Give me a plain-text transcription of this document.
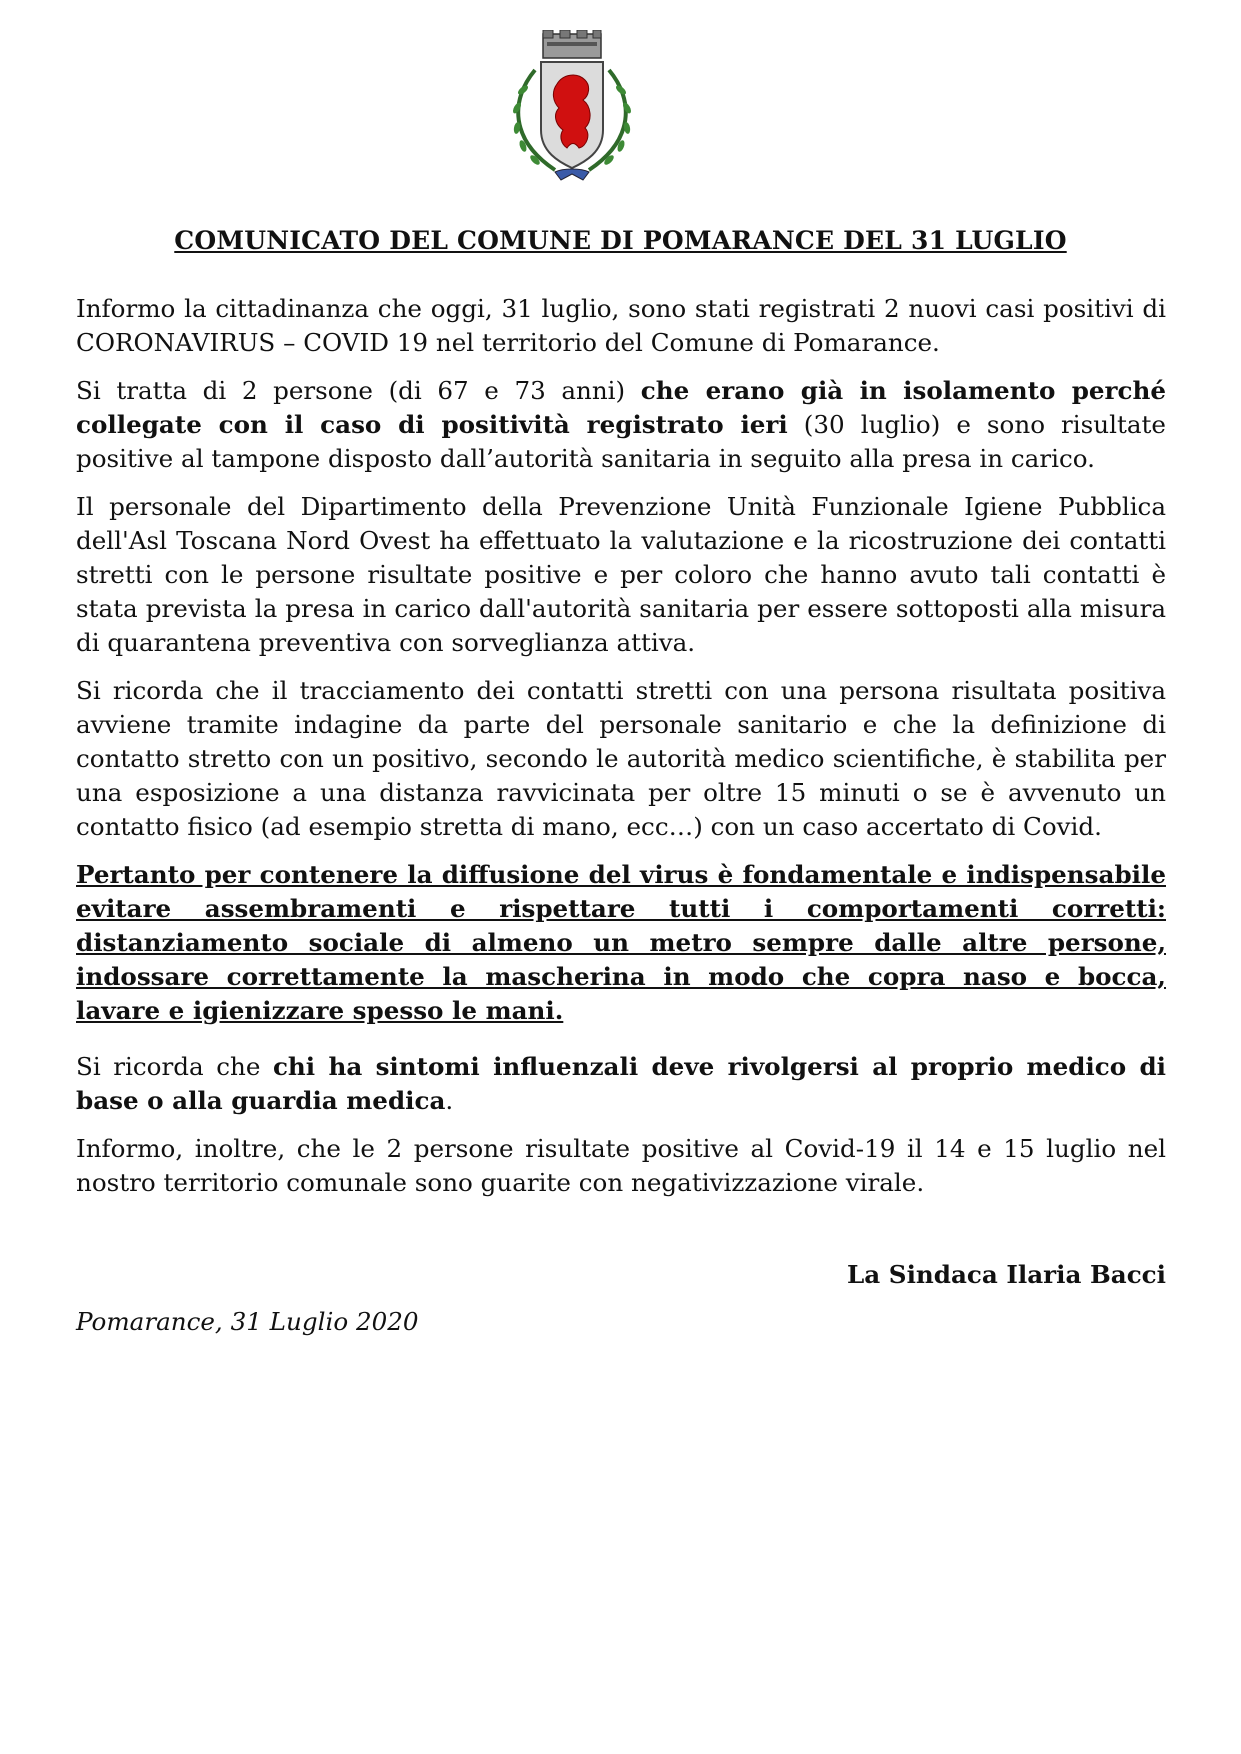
COMUNICATO DEL COMUNE DI POMARANCE DEL 31 LUGLIO

Informo la cittadinanza che oggi, 31 luglio, sono stati registrati 2 nuovi casi positivi di CORONAVIRUS – COVID 19 nel territorio del Comune di Pomarance.

Si tratta di 2 persone (di 67 e 73 anni) che erano già in isolamento perché collegate con il caso di positività registrato ieri (30 luglio) e sono risultate positive al tampone disposto dall’autorità sanitaria in seguito alla presa in carico.

Il personale del Dipartimento della Prevenzione Unità Funzionale Igiene Pubblica dell'Asl Toscana Nord Ovest ha effettuato la valutazione e la ricostruzione dei contatti stretti con le persone risultate positive e per coloro che hanno avuto tali contatti è stata prevista la presa in carico dall'autorità sanitaria per essere sottoposti alla misura di quarantena preventiva con sorveglianza attiva.

Si ricorda che il tracciamento dei contatti stretti con una persona risultata positiva avviene tramite indagine da parte del personale sanitario e che la definizione di contatto stretto con un positivo, secondo le autorità medico scientifiche, è stabilita per una esposizione a una distanza ravvicinata per oltre 15 minuti o se è avvenuto un contatto fisico (ad esempio stretta di mano, ecc…) con un caso accertato di Covid.

Pertanto per contenere la diffusione del virus è fondamentale e indispensabile evitare assembramenti e rispettare tutti i comportamenti corretti: distanziamento sociale di almeno un metro sempre dalle altre persone, indossare correttamente la mascherina in modo che copra naso e bocca, lavare e igienizzare spesso le mani.

Si ricorda che chi ha sintomi influenzali deve rivolgersi al proprio medico di base o alla guardia medica.

Informo, inoltre, che le 2 persone risultate positive al Covid-19 il 14 e 15 luglio nel nostro territorio comunale sono guarite con negativizzazione virale.

La Sindaca Ilaria Bacci
Pomarance, 31 Luglio 2020
